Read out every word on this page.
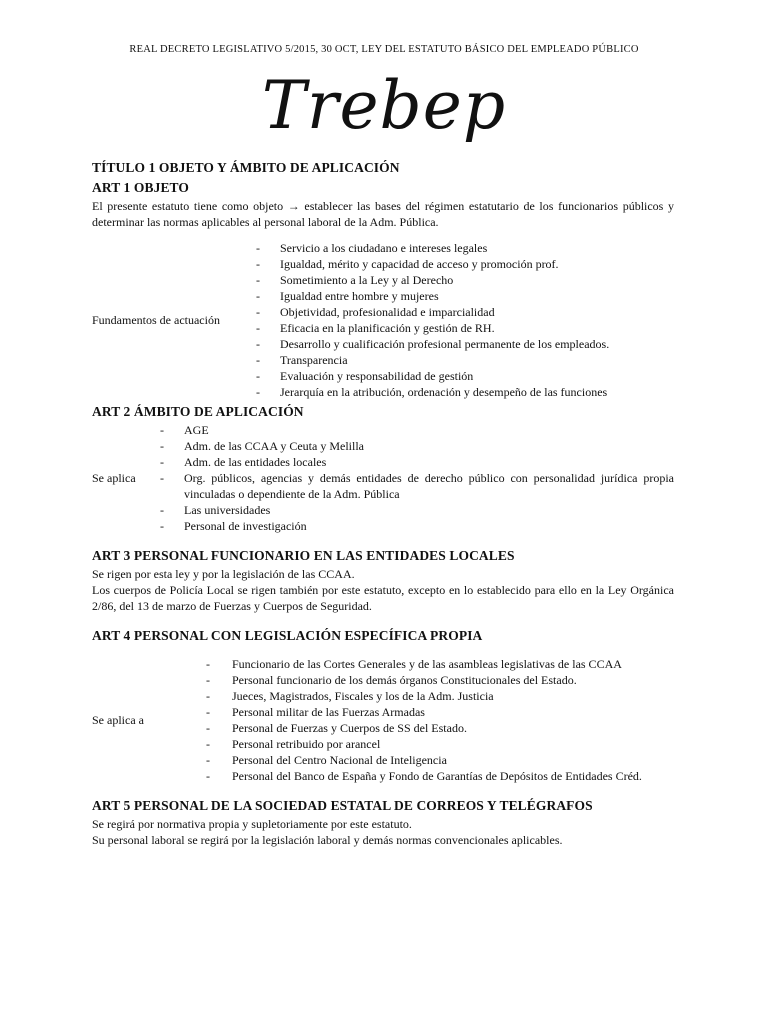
REAL DECRETO LEGISLATIVO 5/2015, 30 OCT, LEY DEL ESTATUTO BÁSICO DEL EMPLEADO PÚBLICO
Trebep
TÍTULO 1 OBJETO Y ÁMBITO DE APLICACIÓN
ART 1 OBJETO

El presente estatuto tiene como objeto → establecer las bases del régimen estatutario de los funcionarios públicos y determinar las normas aplicables al personal laboral de la Adm. Pública.

Fundamentos de actuación
-	Servicio a los ciudadano e intereses legales
-	Igualdad, mérito y capacidad de acceso y promoción prof.
-	Sometimiento a la Ley y al Derecho
-	Igualdad entre hombre y mujeres
-	Objetividad, profesionalidad e imparcialidad
-	Eficacia en la planificación y gestión de RH.
-	Desarrollo y cualificación profesional permanente de los empleados.
-	Transparencia
-	Evaluación y responsabilidad de gestión
-	Jerarquía en la atribución, ordenación y desempeño de las funciones
ART 2 ÁMBITO DE APLICACIÓN
Se aplica
-	AGE
-	Adm. de las CCAA y Ceuta y Melilla
-	Adm. de las entidades locales
-	Org. públicos, agencias y demás entidades de derecho público con personalidad jurídica propia vinculadas o dependiente de la Adm. Pública
-	Las universidades
-	Personal de investigación
ART 3 PERSONAL FUNCIONARIO EN LAS ENTIDADES LOCALES

Se rigen por esta ley y por la legislación de las CCAA.

Los cuerpos de Policía Local se rigen también por este estatuto, excepto en lo establecido para ello en la Ley Orgánica 2/86, del 13 de marzo de Fuerzas y Cuerpos de Seguridad.

ART 4 PERSONAL CON LEGISLACIÓN ESPECÍFICA PROPIA
Se aplica a
-	Funcionario de las Cortes Generales y de las asambleas legislativas de las CCAA
-	Personal funcionario de los demás órganos Constitucionales del Estado.
-	Jueces, Magistrados, Fiscales y los de la Adm. Justicia
-	Personal militar de las Fuerzas Armadas
-	Personal de Fuerzas y Cuerpos de SS del Estado.
-	Personal retribuido por arancel
-	Personal del Centro Nacional de Inteligencia
-	Personal del Banco de España y Fondo de Garantías de Depósitos de Entidades Créd.
ART 5 PERSONAL DE LA SOCIEDAD ESTATAL DE CORREOS Y TELÉGRAFOS

Se regirá por normativa propia y supletoriamente por este estatuto.

Su personal laboral se regirá por la legislación laboral y demás normas convencionales aplicables.
